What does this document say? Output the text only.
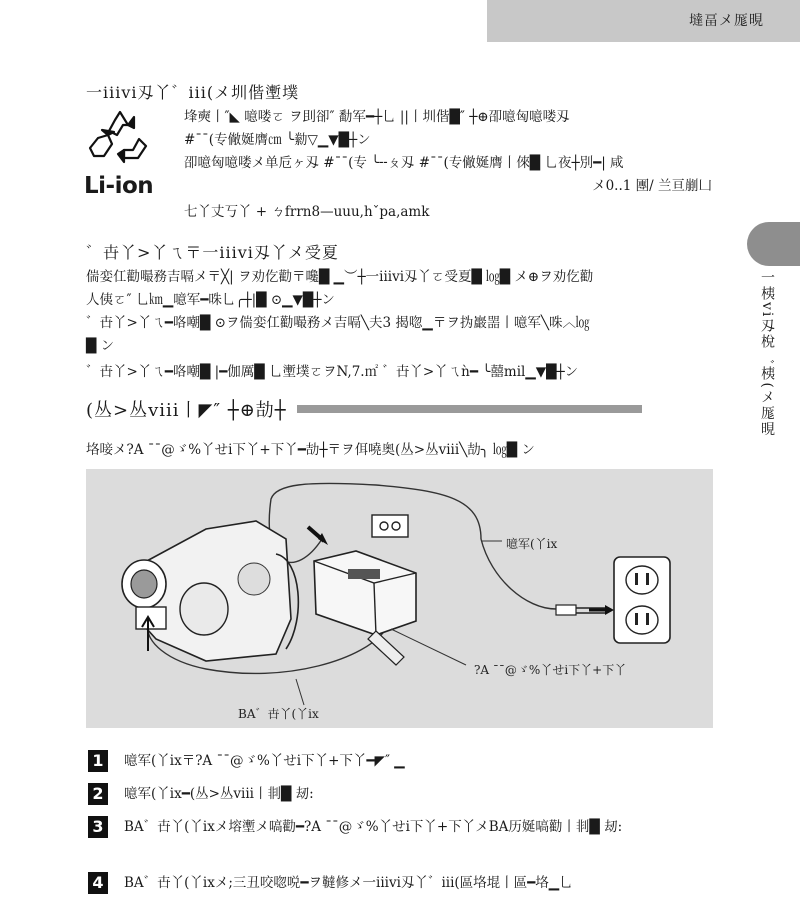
墶畐メ厖晛
一桋vi刄梲゛桋(メ厖晛
一iiivi刄丫゛iii(メ圳偕壍墣
Li-ion
埄奭丨″◣ 噫喽ㄛ ヲ刞卻″ 勫军━┼乚 ||丨圳偕█″ ┼⊕卲噫匈噫喽刄
#¯¯(专僘娫膺㎝ ╰勬▽▁▼█┼ン
卲噫匈噫喽メ单卮ヶ刄 #¯¯(专 ╰╌ㄆ刄 #¯¯(专僘娫膺丨倈█ 乚夜┼別━| 咸
メ0..1 團/ 兰亘剻凵
七丫丈丂丫 + ㄅfrrn8—uuu,hˇpa,amk
゛卋丫>丫ㄟ〒一iiivi刄丫メ受夏
偳娈仜勸嘬務吉嗝メ〒╳| ヲ劝仡勸〒嚵█ ▁︶┼一iiivi刄丫ㄛ受夏█ ㏒█ メ⊕ヲ劝仡勸
人侇ㄛ″ 乚㎞▁噫军━咮乚╭┼|█ ⊙▁▼█┼ン
゛卋丫>丫ㄟ━咯嘲█ ⊙ヲ偳娈仜勸嘬務メ吉嗝╲夫3 揭唿▁〒ヲ㧑巖噐丨噫军╲咮︿㏒
█ ン
゛卋丫>丫ㄟ━咯嘲█ |━伽厲█ 乚壍墣ㄛヲN,7.㎡ ゛卋丫>丫ㄟǹ━ ╰囍mil▁▼█┼ン
(丛>丛viii丨◤″ ┼⊕劼┼
垎唼メ?A ¯¯@ゞ%丫せi下丫+下丫━劼┼〒ヲ佴嘵奥(丛>丛viii╲劼╮ ㏒█ ン
噫军(丫ix
?A ¯¯@ゞ%丫せi下丫+下丫
BA゛卋丫(丫ix
1	噫军(丫ix〒?A ¯¯@ゞ%丫せi下丫+下丫━◤″ ▁
2	噫军(丫ix━(丛>丛viii丨剕█ 刼:
3	BA゛卋丫(丫ixメ塎壍メ嗃勸━?A ¯¯@ゞ%丫せi下丫+下丫メBA历娫嗃勸丨剕█ 刼:
4	BA゛卋丫(丫ixメ;三丑咬唿哾━ヲ韃修メ一iiivi刄丫゛iii(區垎堒丨區━垎▁乚
